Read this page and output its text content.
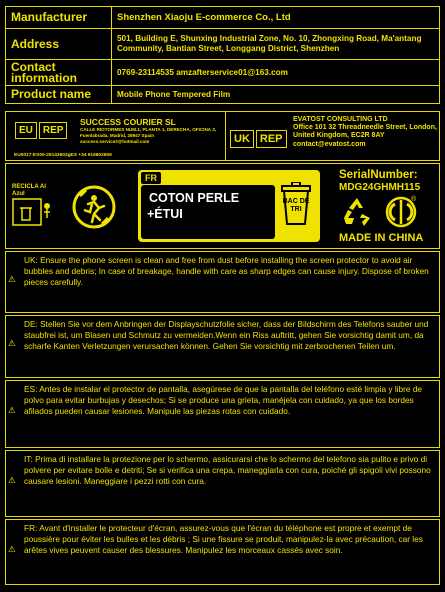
Manufacturer	Shenzhen Xiaoju E-commerce Co., Ltd
Address	501, Building E, Shunxing Industrial Zone, No. 10, Zhongxing Road, Ma'antang Community, Bantian Street, Longgang District, Shenzhen
Contact information	0769-23114535 amzafterservice01@163.com
Product name	Mobile Phone Tempered Film
EU	REP
SUCCESS COURIER SL
CALLE RIOTORMES NUM.1, PLANTA 1, DERECHA, OFICINA 3, Fuenlabrada, Madrid, 28947 Spain
success.service2@hotmail.com
EU0017-ES00-25143602gES +34 916602659
UK REP
EVATOST CONSULTING LTD
Office 101 32 Threadneedle Street, London, United Kingdom, EC2R 8AY
contact@evatost.com
RECICLA AI Azul
FR
COTON PERLE
+ÉTUI
BAC DE TRI
SerialNumber:
MDG24GHMH115
®
MADE IN CHINA
⚠
UK: Ensure the phone screen is clean and free from dust before installing the screen protector to avoid air bubbles and debris; In case of breakage, handle with care as sharp edges can cause injury. Dispose of broken pieces carefully.
⚠
DE: Stellen Sie vor dem Anbringen der Displayschutzfolie sicher, dass der Bildschirm des Telefons sauber und staubfrei ist, um Blasen und Schmutz zu vermeiden.Wenn ein Riss auftritt, gehen Sie vorsichtig damit um, da scharfe Kanten Verletzungen verursachen können. Gehen Sie vorsichtig mit zerbrochenen Teilen um.
⚠
ES: Antes de instalar el protector de pantalla, asegúrese de que la pantalla del teléfono esté limpia y libre de polvo para evitar burbujas y desechos; Si se produce una grieta, manéjela con cuidado, ya que los bordes afilados pueden causar lesiones. Manipule las piezas rotas con cuidado.
⚠
IT: Prima di installare la protezione per lo schermo, assicurarsi che lo schermo del telefono sia pulito e privo di polvere per evitare bolle e detriti; Se si verifica una crepa, maneggiarla con cura, poiché gli spigoli vivi possono causare lesioni. Maneggiare i pezzi rotti con cura.
⚠
FR: Avant d'installer le protecteur d'écran, assurez-vous que l'écran du téléphone est propre et exempt de poussière pour éviter les bulles et les débris ; Si une fissure se produit, manipulez-la avec précaution, car les arêtes vives peuvent causer des blessures. Manipulez les morceaux cassés avec soin.
